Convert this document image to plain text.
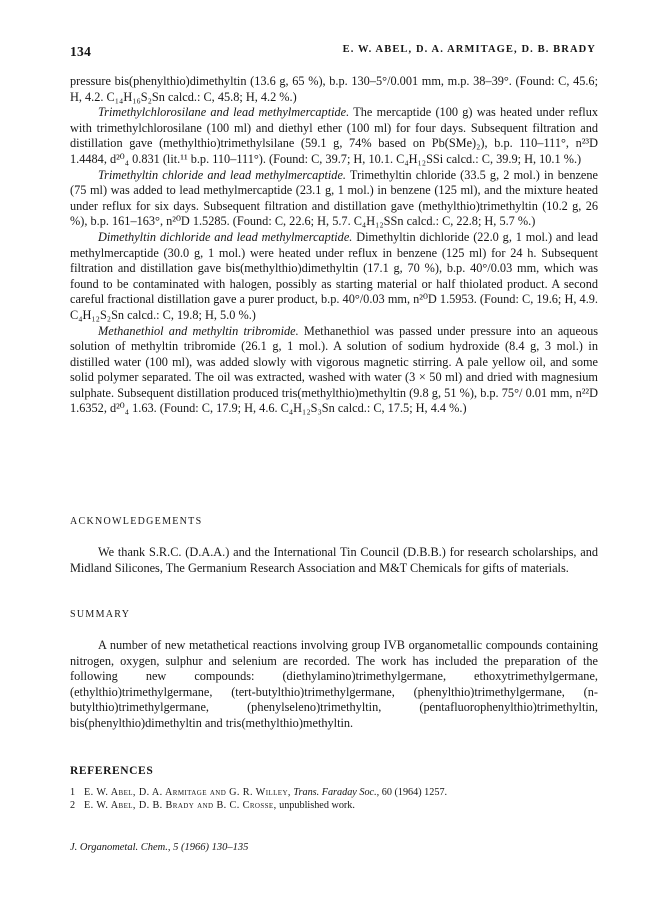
134	E. W. ABEL, D. A. ARMITAGE, D. B. BRADY

pressure bis(phenylthio)dimethyltin (13.6 g, 65 %), b.p. 130–5°/0.001 mm, m.p. 38–39°. (Found: C, 45.6; H, 4.2. C₁₄H₁₆S₂Sn calcd.: C, 45.8; H, 4.2 %.)

Trimethylchlorosilane and lead methylmercaptide. The mercaptide (100 g) was heated under reflux with trimethylchlorosilane (100 ml) and diethyl ether (100 ml) for four days. Subsequent filtration and distillation gave (methylthio)trimethylsilane (59.1 g, 74% based on Pb(SMe)₂), b.p. 110–111°, n²³D 1.4484, d²⁰₄ 0.831 (lit.¹¹ b.p. 110–111°). (Found: C, 39.7; H, 10.1. C₄H₁₂SSi calcd.: C, 39.9; H, 10.1 %.)

Trimethyltin chloride and lead methylmercaptide. Trimethyltin chloride (33.5 g, 2 mol.) in benzene (75 ml) was added to lead methylmercaptide (23.1 g, 1 mol.) in benzene (125 ml), and the mixture heated under reflux for six days. Subsequent filtration and distillation gave (methylthio)trimethyltin (10.2 g, 26 %), b.p. 161–163°, n²⁰D 1.5285. (Found: C, 22.6; H, 5.7. C₄H₁₂SSn calcd.: C, 22.8; H, 5.7 %.)

Dimethyltin dichloride and lead methylmercaptide. Dimethyltin dichloride (22.0 g, 1 mol.) and lead methylmercaptide (30.0 g, 1 mol.) were heated under reflux in benzene (125 ml) for 24 h. Subsequent filtration and distillation gave bis(methylthio)dimethyltin (17.1 g, 70 %), b.p. 40°/0.03 mm, which was found to be contaminated with halogen, possibly as starting material or half thiolated product. A second careful fractional distillation gave a purer product, b.p. 40°/0.03 mm, n²⁰D 1.5953. (Found: C, 19.6; H, 4.9. C₄H₁₂S₂Sn calcd.: C, 19.8; H, 5.0 %.)

Methanethiol and methyltin tribromide. Methanethiol was passed under pressure into an aqueous solution of methyltin tribromide (26.1 g, 1 mol.). A solution of sodium hydroxide (8.4 g, 3 mol.) in distilled water (100 ml), was added slowly with vigorous magnetic stirring. A pale yellow oil, and some solid polymer separated. The oil was extracted, washed with water (3 × 50 ml) and dried with magnesium sulphate. Subsequent distillation produced tris(methylthio)methyltin (9.8 g, 51 %), b.p. 75°/ 0.01 mm, n²²D 1.6352, d²⁰₄ 1.63. (Found: C, 17.9; H, 4.6. C₄H₁₂S₃Sn calcd.: C, 17.5; H, 4.4 %.)

ACKNOWLEDGEMENTS

We thank S.R.C. (D.A.A.) and the International Tin Council (D.B.B.) for research scholarships, and Midland Silicones, The Germanium Research Association and M&T Chemicals for gifts of materials.

SUMMARY

A number of new metathetical reactions involving group IVB organometallic compounds containing nitrogen, oxygen, sulphur and selenium are recorded. The work has included the preparation of the following new compounds: (diethylamino)trimethylgermane, ethoxytrimethylgermane, (ethylthio)trimethylgermane, (tert-butylthio)trimethylgermane, (phenylthio)trimethylgermane, (n-butylthio)trimethylgermane, (phenylseleno)trimethyltin, (pentafluorophenylthio)trimethyltin, bis(phenylthio)dimethyltin and tris(methylthio)methyltin.

REFERENCES
1 E. W. Abel, D. A. Armitage and G. R. Willey, Trans. Faraday Soc., 60 (1964) 1257.
2 E. W. Abel, D. B. Brady and B. C. Crosse, unpublished work.
J. Organometal. Chem., 5 (1966) 130–135
